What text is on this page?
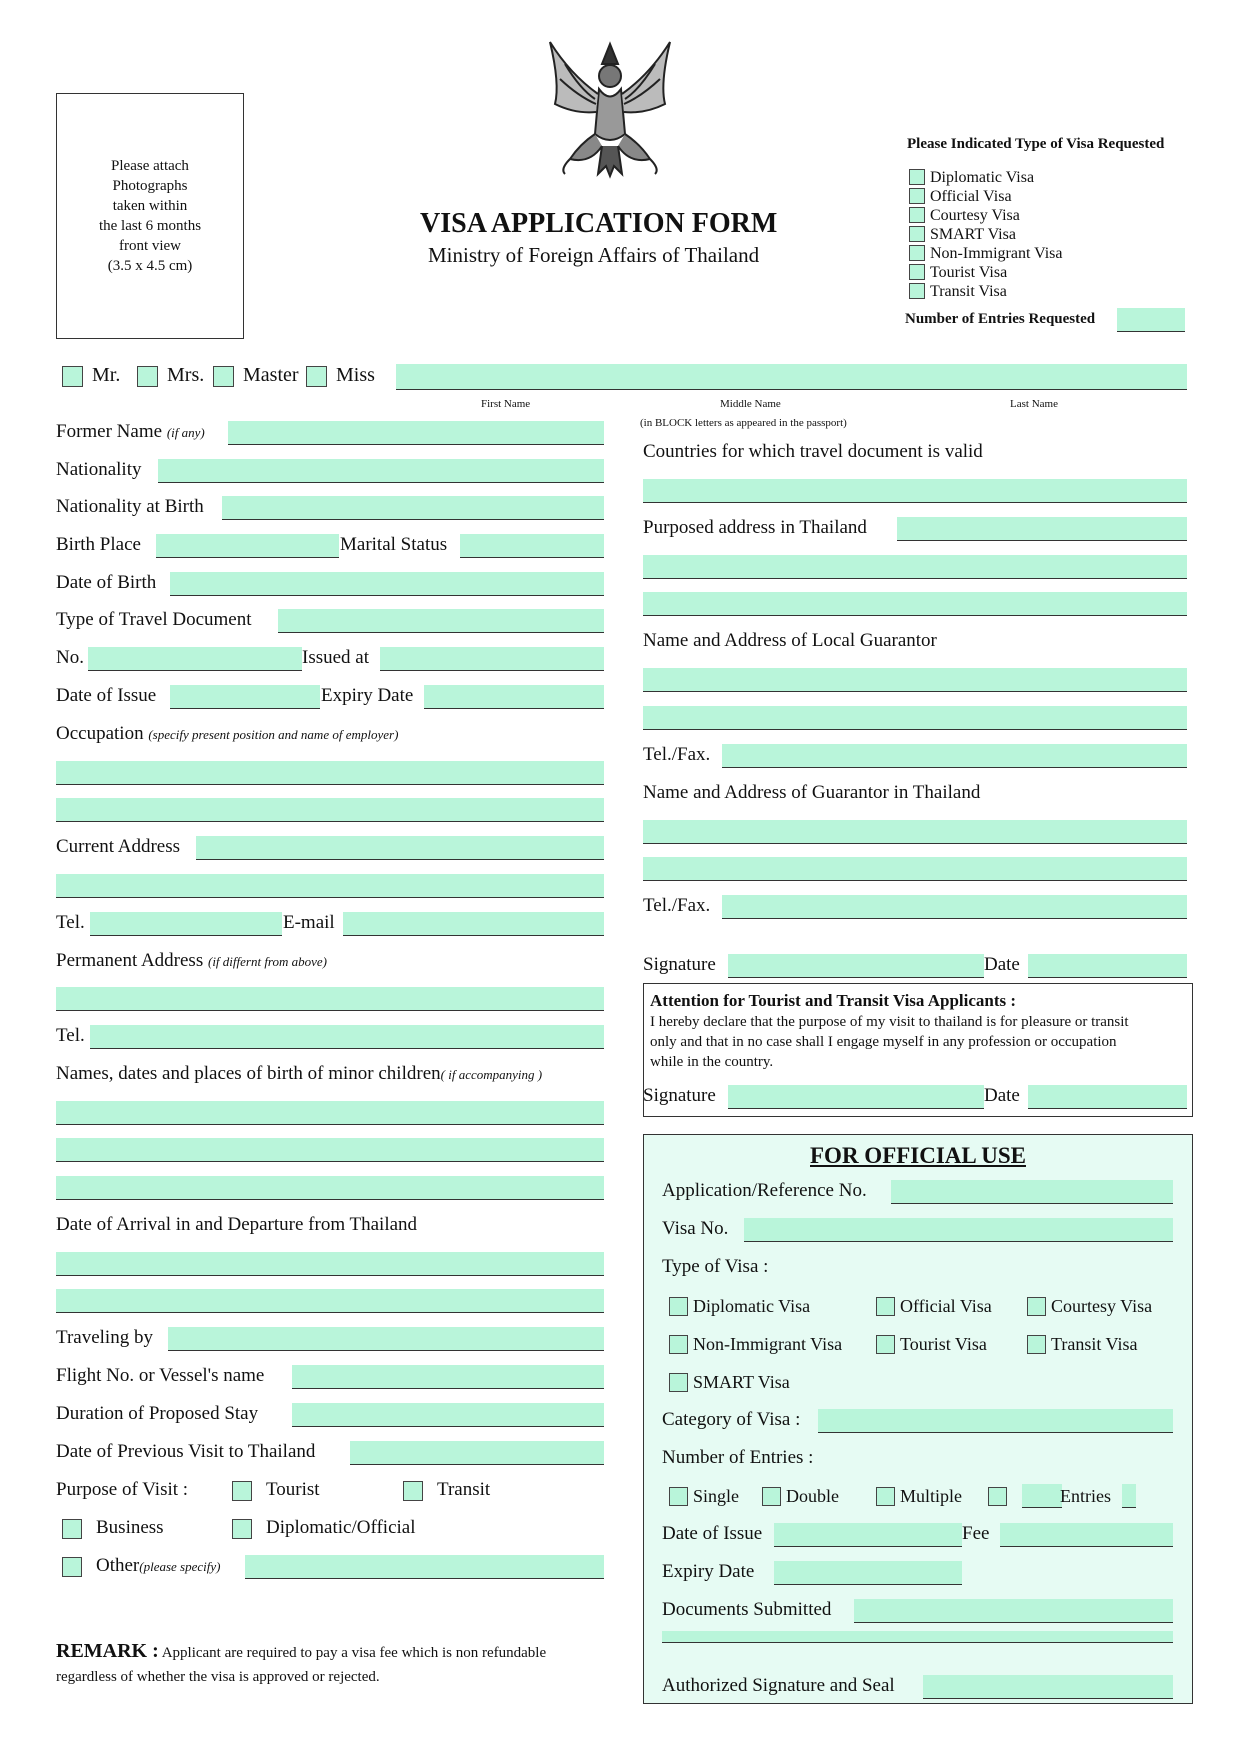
Please attach
Photographs
taken within
the last 6 months
front view
(3.5 x 4.5 cm)
VISA APPLICATION FORM
Ministry of Foreign Affairs of Thailand
Please Indicated Type of Visa Requested
Diplomatic Visa
Official Visa
Courtesy Visa
SMART Visa
Non-Immigrant Visa
Tourist Visa
Transit Visa
Number of Entries Requested
Mr. Mrs. Master Miss
First Name	Middle Name	Last Name
(in BLOCK letters as appeared in the passport)
Former Name (if any)
Nationality
Nationality at Birth
Birth Place	Marital Status
Date of Birth
Type of Travel Document
No.	Issued at
Date of Issue	Expiry Date
Occupation (specify present position and name of employer)
Current Address
Tel.	E-mail
Permanent Address (if differnt from above)
Tel.
Names, dates and places of birth of minor children( if accompanying )
Date of Arrival in and Departure from Thailand
Traveling by
Flight No. or Vessel's name
Duration of Proposed Stay
Date of Previous Visit to Thailand
Purpose of Visit :	Tourist	Transit
Business	Diplomatic/Official
Other(please specify)
REMARK : Applicant are required to pay a visa fee which is non refundable
regardless of whether the visa is approved or rejected.
Countries for which travel document is valid
Purposed address in Thailand
Name and Address of Local Guarantor
Tel./Fax.
Name and Address of Guarantor in Thailand
Tel./Fax.
Signature	Date
Attention for Tourist and Transit Visa Applicants :
I hereby declare that the purpose of my visit to thailand is for pleasure or transit
only and that in no case shall I engage myself in any profession or occupation
while in the country.
Signature	Date
FOR OFFICIAL USE
Application/Reference No.
Visa No.
Type of Visa :
Diplomatic Visa	Official Visa	Courtesy Visa
Non-Immigrant Visa	Tourist Visa	Transit Visa
SMART Visa
Category of Visa :
Number of Entries :
Single	Double	Multiple	Entries
Date of Issue	Fee
Expiry Date
Documents Submitted
Authorized Signature and Seal
